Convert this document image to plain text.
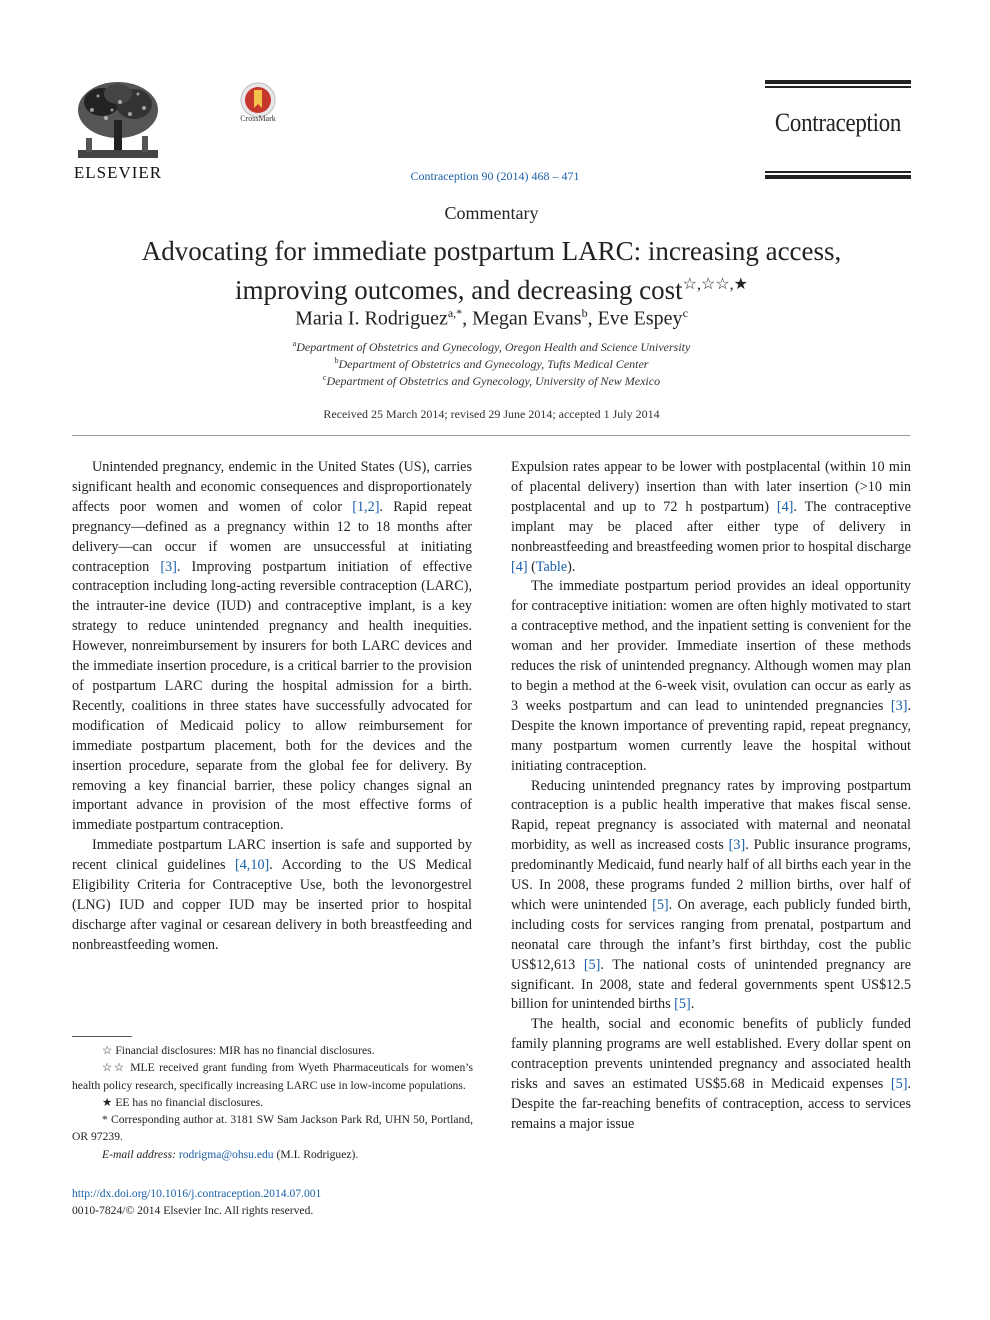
ELSEVIER
CrossMark
Contraception 90 (2014) 468 – 471
Contraception
Commentary
Advocating for immediate postpartum LARC: increasing access,
improving outcomes, and decreasing cost☆,☆☆,★
Maria I. Rodriguez$^{a,*}$, Megan Evans$^b$, Eve Espey$^c$
$^a$Department of Obstetrics and Gynecology, Oregon Health and Science University
$^b$Department of Obstetrics and Gynecology, Tufts Medical Center
$^c$Department of Obstetrics and Gynecology, University of New Mexico
Received 25 March 2014; revised 29 June 2014; accepted 1 July 2014

Unintended pregnancy, endemic in the United States (US), carries significant health and economic consequences and disproportionately affects poor women and women of color [1,2]. Rapid repeat pregnancy—defined as a pregnancy within 12 to 18 months after delivery—can occur if women are unsuccessful at initiating contraception [3]. Improving postpartum initiation of effective contraception including long-acting reversible contraception (LARC), the intrauter-ine device (IUD) and contraceptive implant, is a key strategy to reduce unintended pregnancy and health inequities. However, nonreimbursement by insurers for both LARC devices and the immediate insertion procedure, is a critical barrier to the provision of postpartum LARC during the hospital admission for a birth. Recently, coalitions in three states have successfully advocated for modification of Medicaid policy to allow reimbursement for immediate postpartum placement, both for the devices and the insertion procedure, separate from the global fee for delivery. By removing a key financial barrier, these policy changes signal an important advance in provision of the most effective forms of immediate postpartum contraception.

Immediate postpartum LARC insertion is safe and supported by recent clinical guidelines [4,10]. According to the US Medical Eligibility Criteria for Contraceptive Use, both the levonorgestrel (LNG) IUD and copper IUD may be inserted prior to hospital discharge after vaginal or cesarean delivery in both breastfeeding and nonbreastfeeding women.

Expulsion rates appear to be lower with postplacental (within 10 min of placental delivery) insertion than with later insertion (>10 min postplacental and up to 72 h postpartum) [4]. The contraceptive implant may be placed after either type of delivery in nonbreastfeeding and breastfeeding women prior to hospital discharge [4] (Table).

The immediate postpartum period provides an ideal opportunity for contraceptive initiation: women are often highly motivated to start a contraceptive method, and the inpatient setting is convenient for the woman and her provider. Immediate insertion of these methods reduces the risk of unintended pregnancy. Although women may plan to begin a method at the 6-week visit, ovulation can occur as early as 3 weeks postpartum and can lead to unintended pregnancies [3]. Despite the known importance of preventing rapid, repeat pregnancy, many postpartum women currently leave the hospital without initiating contraception.

Reducing unintended pregnancy rates by improving postpartum contraception is a public health imperative that makes fiscal sense. Rapid, repeat pregnancy is associated with maternal and neonatal morbidity, as well as increased costs [3]. Public insurance programs, predominantly Medicaid, fund nearly half of all births each year in the US. In 2008, these programs funded 2 million births, over half of which were unintended [5]. On average, each publicly funded birth, including costs for services ranging from prenatal, postpartum and neonatal care through the infant’s first birthday, cost the public US$12,613 [5]. The national costs of unintended pregnancy are significant. In 2008, state and federal governments spent US$12.5 billion for unintended births [5].

The health, social and economic benefits of publicly funded family planning programs are well established. Every dollar spent on contraception prevents unintended pregnancy and associated health risks and saves an estimated US$5.68 in Medicaid expenses [5]. Despite the far-reaching benefits of contraception, access to services remains a major issue

☆ Financial disclosures: MIR has no financial disclosures.

☆☆ MLE received grant funding from Wyeth Pharmaceuticals for women’s health policy research, specifically increasing LARC use in low-income populations.

★ EE has no financial disclosures.

* Corresponding author at. 3181 SW Sam Jackson Park Rd, UHN 50, Portland, OR 97239.

E-mail address: rodrigma@ohsu.edu (M.I. Rodriguez).

http://dx.doi.org/10.1016/j.contraception.2014.07.001
0010-7824/© 2014 Elsevier Inc. All rights reserved.
